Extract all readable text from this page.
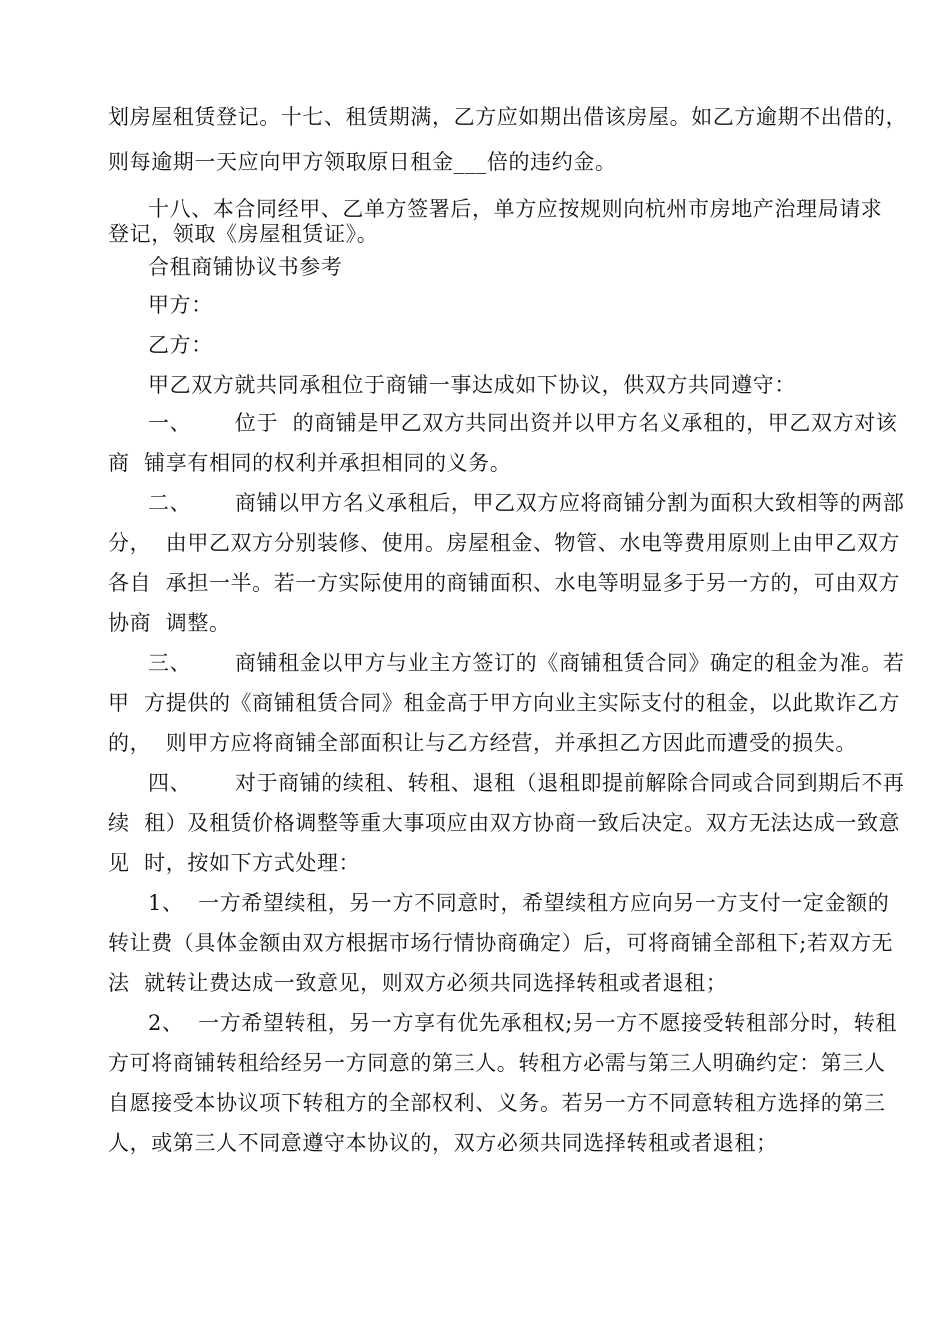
划房屋租赁登记。十七、租赁期满，乙方应如期出借该房屋。如乙方逾期不出借的，
则每逾期一天应向甲方领取原日租金___倍的违约金。
十八、本合同经甲、乙单方签署后，单方应按规则向杭州市房地产治理局请求
登记，领取《房屋租赁证》。
合租商铺协议书参考
甲方：
乙方：
甲乙双方就共同承租位于商铺一事达成如下协议，供双方共同遵守：
一、      位于  的商铺是甲乙双方共同出资并以甲方名义承租的，甲乙双方对该
商  铺享有相同的权利并承担相同的义务。
二、      商铺以甲方名义承租后，甲乙双方应将商铺分割为面积大致相等的两部
分，  由甲乙双方分别装修、使用。房屋租金、物管、水电等费用原则上由甲乙双方
各自  承担一半。若一方实际使用的商铺面积、水电等明显多于另一方的，可由双方
协商  调整。
三、      商铺租金以甲方与业主方签订的《商铺租赁合同》确定的租金为准。若
甲  方提供的《商铺租赁合同》租金高于甲方向业主实际支付的租金，以此欺诈乙方
的，  则甲方应将商铺全部面积让与乙方经营，并承担乙方因此而遭受的损失。
四、      对于商铺的续租、转租、退租（退租即提前解除合同或合同到期后不再
续  租）及租赁价格调整等重大事项应由双方协商一致后决定。双方无法达成一致意
见  时，按如下方式处理：
1、  一方希望续租，另一方不同意时，希望续租方应向另一方支付一定金额的
转让费（具体金额由双方根据市场行情协商确定）后，可将商铺全部租下;若双方无
法  就转让费达成一致意见，则双方必须共同选择转租或者退租；
2、  一方希望转租，另一方享有优先承租权;另一方不愿接受转租部分时，转租
方可将商铺转租给经另一方同意的第三人。转租方必需与第三人明确约定：第三人
自愿接受本协议项下转租方的全部权利、义务。若另一方不同意转租方选择的第三
人，或第三人不同意遵守本协议的，双方必须共同选择转租或者退租；
